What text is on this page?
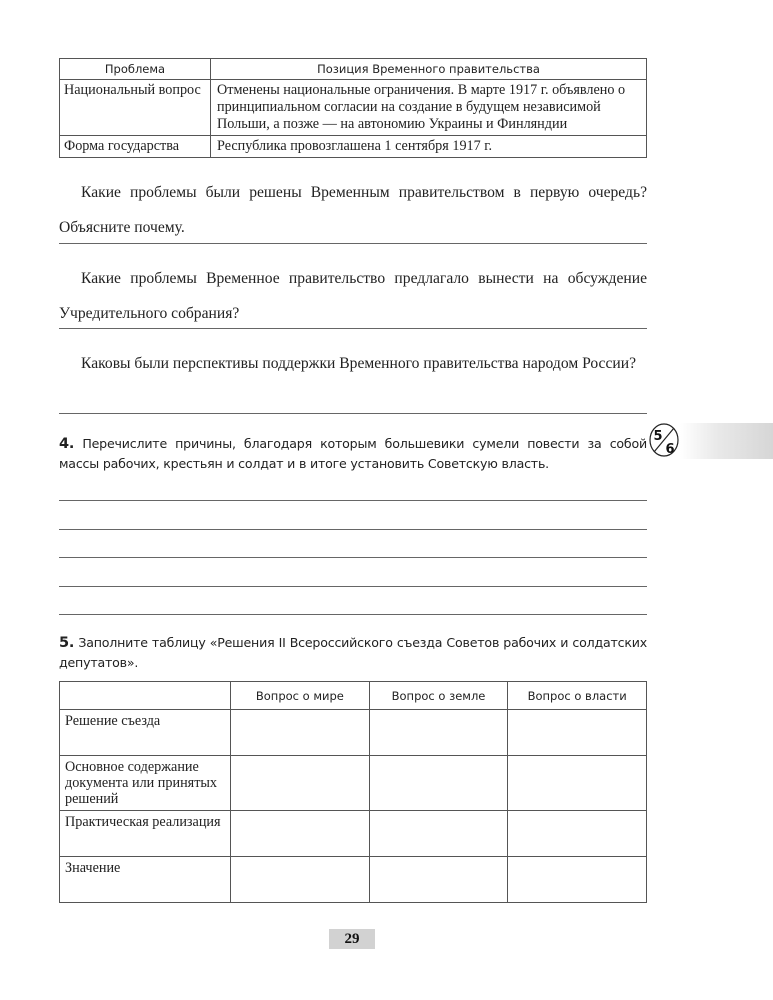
Проблема	Позиция Временного правительства
Национальный вопрос	Отменены национальные ограничения. В марте 1917 г. объявлено о принципиальном согласии на создание в будущем независимой Польши, а позже — на автономию Украины и Финляндии
Форма государства	Республика провозглашена 1 сентября 1917 г.
Какие проблемы были решены Временным правительством в первую очередь? Объясните почему.
Какие проблемы Временное правительство предлагало вынести на обсуждение Учредительного собрания?
Каковы были перспективы поддержки Временного правительства народом России?
5
6
4. Перечислите причины, благодаря которым большевики сумели повести за собой массы рабочих, крестьян и солдат и в итоге установить Советскую власть.
5. Заполните таблицу «Решения II Всероссийского съезда Советов рабочих и солдатских депутатов».
	Вопрос о мире	Вопрос о земле	Вопрос о власти
Решение съезда			
Основное содержание документа или принятых решений			
Практическая реализация			
Значение			
29
